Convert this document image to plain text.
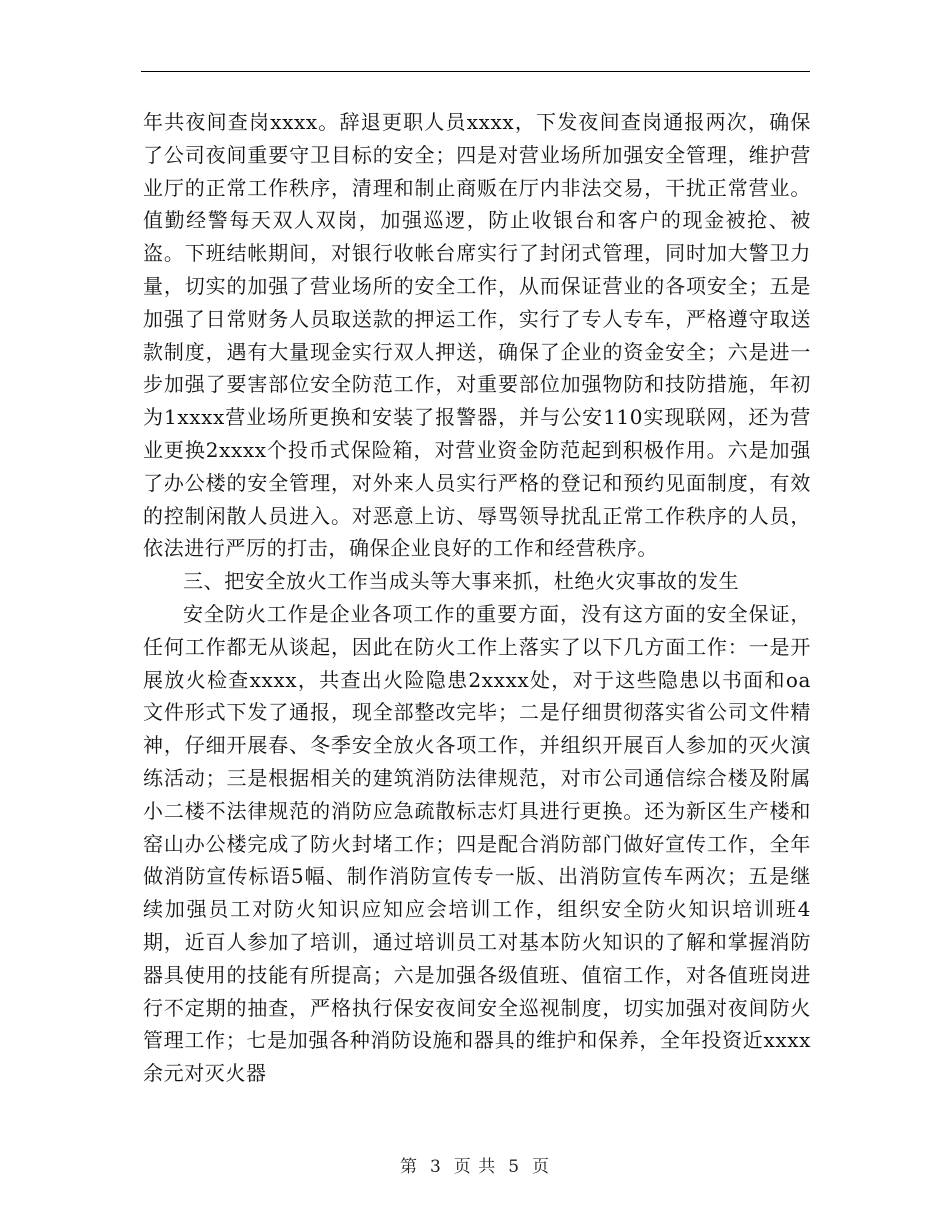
年共夜间查岗xxxx。辞退更职人员xxxx，下发夜间查岗通报两次，确保了公司夜间重要守卫目标的安全；四是对营业场所加强安全管理，维护营业厅的正常工作秩序，清理和制止商贩在厅内非法交易，干扰正常营业。值勤经警每天双人双岗，加强巡逻，防止收银台和客户的现金被抢、被盗。下班结帐期间，对银行收帐台席实行了封闭式管理，同时加大警卫力量，切实的加强了营业场所的安全工作，从而保证营业的各项安全；五是加强了日常财务人员取送款的押运工作，实行了专人专车，严格遵守取送款制度，遇有大量现金实行双人押送，确保了企业的资金安全；六是进一步加强了要害部位安全防范工作，对重要部位加强物防和技防措施，年初为1xxxx营业场所更换和安装了报警器，并与公安110实现联网，还为营业更换2xxxx个投币式保险箱，对营业资金防范起到积极作用。六是加强了办公楼的安全管理，对外来人员实行严格的登记和预约见面制度，有效的控制闲散人员进入。对恶意上访、辱骂领导扰乱正常工作秩序的人员，依法进行严厉的打击，确保企业良好的工作和经营秩序。

三、把安全放火工作当成头等大事来抓，杜绝火灾事故的发生

安全防火工作是企业各项工作的重要方面，没有这方面的安全保证，任何工作都无从谈起，因此在防火工作上落实了以下几方面工作：一是开展放火检查xxxx，共查出火险隐患2xxxx处，对于这些隐患以书面和oa文件形式下发了通报，现全部整改完毕；二是仔细贯彻落实省公司文件精神，仔细开展春、冬季安全放火各项工作，并组织开展百人参加的灭火演练活动；三是根据相关的建筑消防法律规范，对市公司通信综合楼及附属小二楼不法律规范的消防应急疏散标志灯具进行更换。还为新区生产楼和窑山办公楼完成了防火封堵工作；四是配合消防部门做好宣传工作，全年做消防宣传标语5幅、制作消防宣传专一版、出消防宣传车两次；五是继续加强员工对防火知识应知应会培训工作，组织安全防火知识培训班4期，近百人参加了培训，通过培训员工对基本防火知识的了解和掌握消防器具使用的技能有所提高；六是加强各级值班、值宿工作，对各值班岗进行不定期的抽查，严格执行保安夜间安全巡视制度，切实加强对夜间防火管理工作；七是加强各种消防设施和器具的维护和保养，全年投资近xxxx余元对灭火器

第 3 页 共 5 页
